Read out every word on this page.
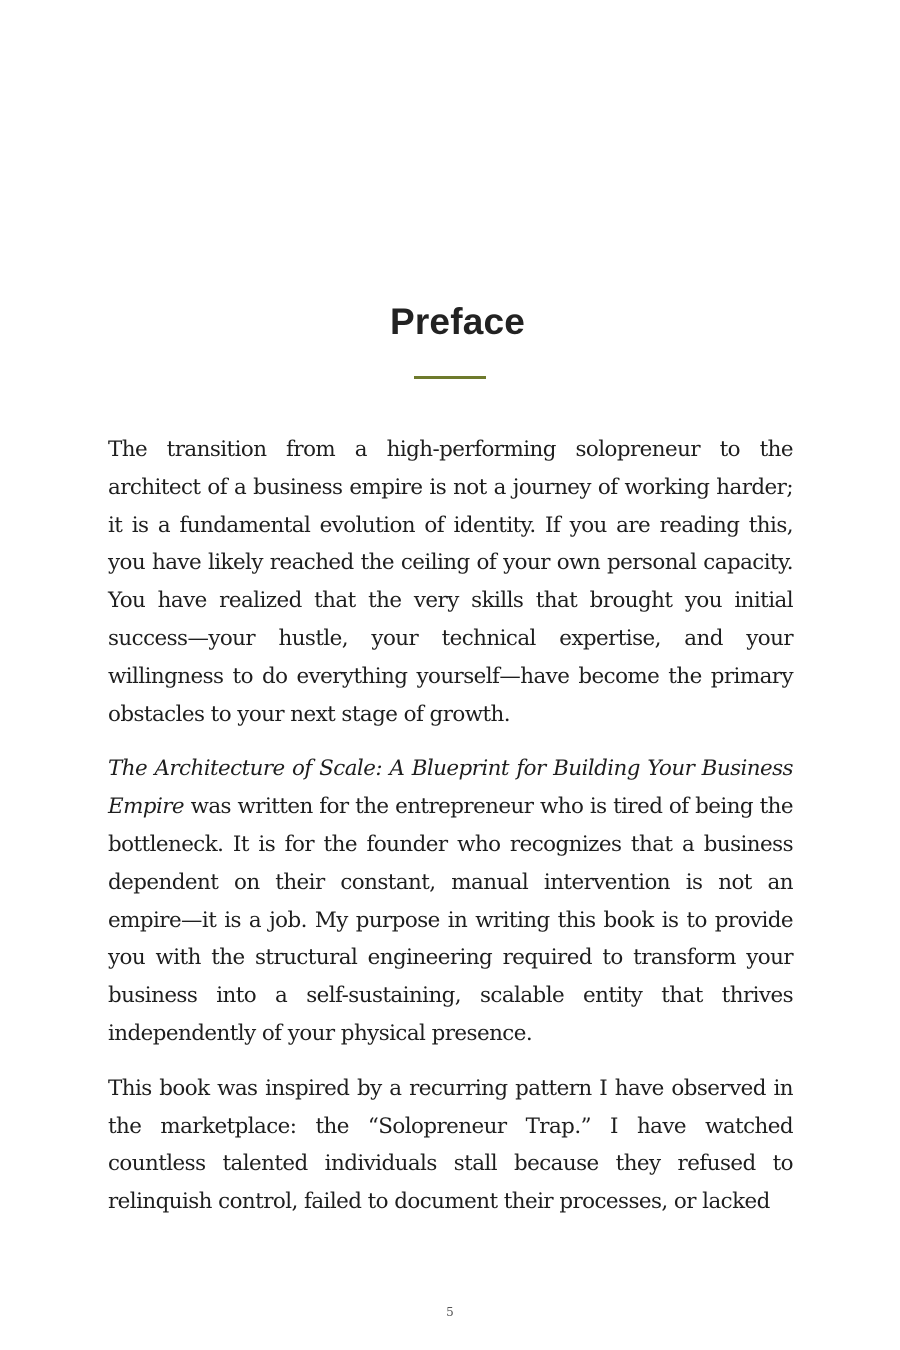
Preface

The transition from a high-performing solopreneur to the architect of a business empire is not a journey of working harder; it is a fundamental evolution of identity. If you are reading this, you have likely reached the ceiling of your own personal capacity. You have realized that the very skills that brought you initial success—your hustle, your technical expertise, and your willingness to do everything yourself—have become the primary obstacles to your next stage of growth.

The Architecture of Scale: A Blueprint for Building Your Business Empire was written for the entrepreneur who is tired of being the bottleneck. It is for the founder who recognizes that a business dependent on their constant, manual intervention is not an empire—it is a job. My purpose in writing this book is to provide you with the structural engineering required to transform your business into a self-sustaining, scalable entity that thrives independently of your physical presence.

This book was inspired by a recurring pattern I have observed in the marketplace: the “Solopreneur Trap.” I have watched countless talented individuals stall because they refused to relinquish control, failed to document their processes, or lacked

5
